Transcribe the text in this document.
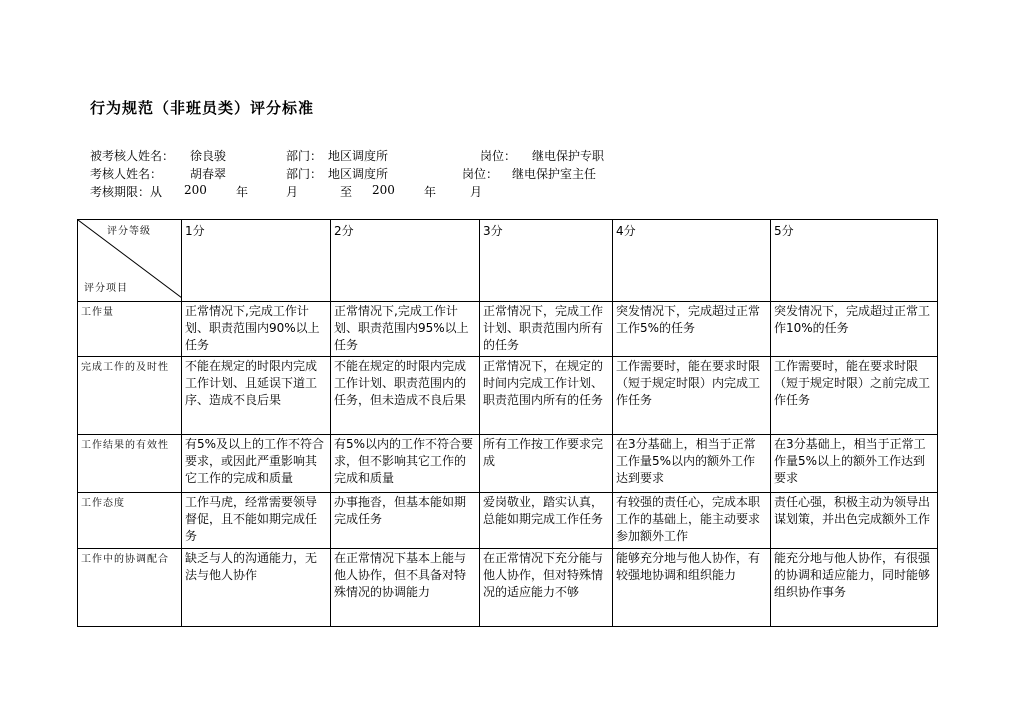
行为规范（非班员类）评分标准
被考核人姓名： 徐良骏	部门： 地区调度所	岗位： 继电保护专职
考核人姓名： 胡春翠	部门： 地区调度所	岗位： 继电保护室主任
考核期限：从 200 年	月	至 200 年	月
评分等级
评分项目	1分	2分	3分	4分	5分
工作量	正常情况下,完成工作计划、职责范围内90%以上任务	正常情况下,完成工作计划、职责范围内95%以上任务	正常情况下，完成工作计划、职责范围内所有的任务	突发情况下，完成超过正常工作5%的任务	突发情况下，完成超过正常工作10%的任务
完成工作的及时性	不能在规定的时限内完成工作计划、且延误下道工序、造成不良后果	不能在规定的时限内完成工作计划、职责范围内的任务，但未造成不良后果	正常情况下，在规定的时间内完成工作计划、职责范围内所有的任务	工作需要时，能在要求时限（短于规定时限）内完成工作任务	工作需要时，能在要求时限（短于规定时限）之前完成工作任务
工作结果的有效性	有5%及以上的工作不符合要求，或因此严重影响其它工作的完成和质量	有5%以内的工作不符合要求，但不影响其它工作的完成和质量	所有工作按工作要求完成	在3分基础上，相当于正常工作量5%以内的额外工作达到要求	在3分基础上，相当于正常工作量5%以上的额外工作达到要求
工作态度	工作马虎，经常需要领导督促，且不能如期完成任务	办事拖沓，但基本能如期完成任务	爱岗敬业，踏实认真，总能如期完成工作任务	有较强的责任心，完成本职工作的基础上，能主动要求参加额外工作	责任心强，积极主动为领导出谋划策，并出色完成额外工作
工作中的协调配合	缺乏与人的沟通能力，无法与他人协作	在正常情况下基本上能与他人协作，但不具备对特殊情况的协调能力	在正常情况下充分能与他人协作，但对特殊情况的适应能力不够	能够充分地与他人协作，有较强地协调和组织能力	能充分地与他人协作，有很强的协调和适应能力，同时能够组织协作事务
